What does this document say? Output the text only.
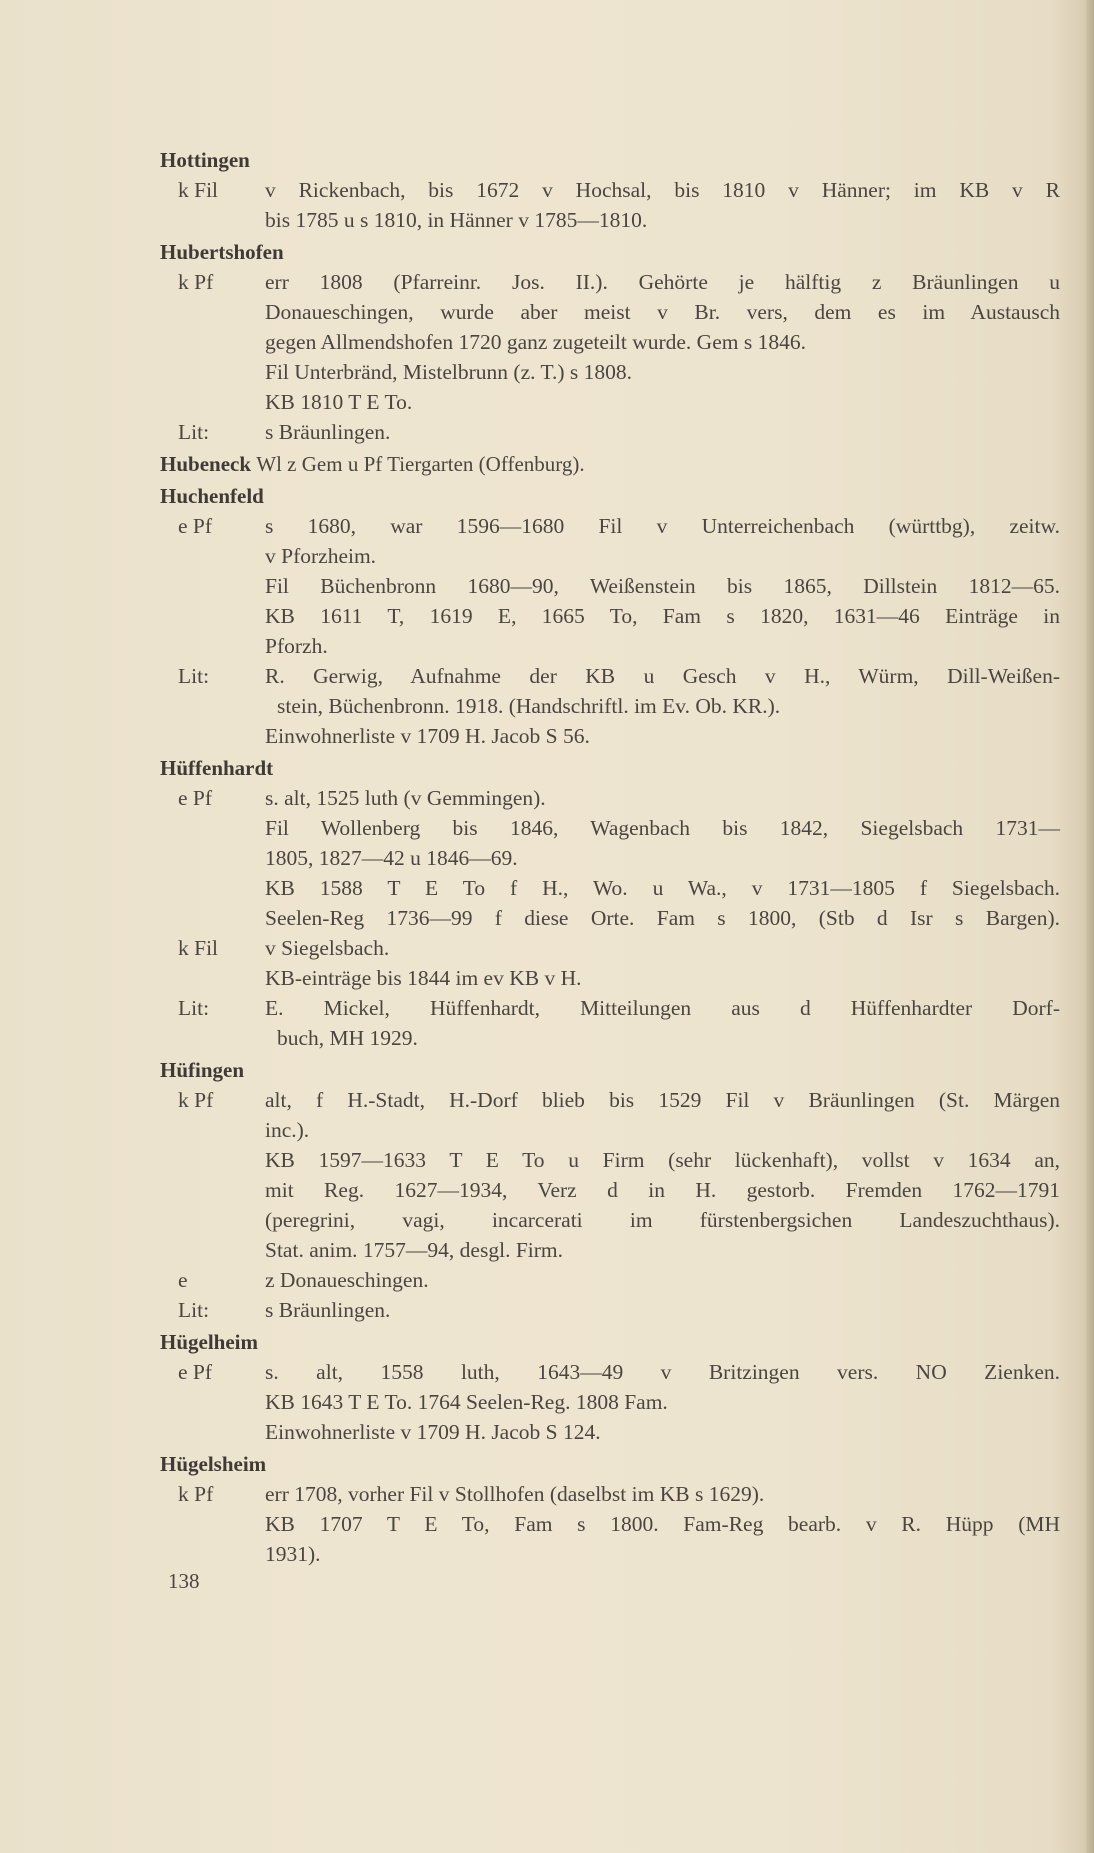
Hottingen
k Fil	v Rickenbach, bis 1672 v Hochsal, bis 1810 v Hänner; im KB v R
bis 1785 u s 1810, in Hänner v 1785—1810.
Hubertshofen
k Pf	err 1808 (Pfarreinr. Jos. II.). Gehörte je hälftig z Bräunlingen u
Donaueschingen, wurde aber meist v Br. vers, dem es im Austausch
gegen Allmendshofen 1720 ganz zugeteilt wurde. Gem s 1846.
Fil Unterbränd, Mistelbrunn (z. T.) s 1808.
KB 1810 T E To.
Lit:	s Bräunlingen.
Hubeneck Wl z Gem u Pf Tiergarten (Offenburg).
Huchenfeld
e Pf	s 1680, war 1596—1680 Fil v Unterreichenbach (württbg), zeitw.
v Pforzheim.
Fil Büchenbronn 1680—90, Weißenstein bis 1865, Dillstein 1812—65.
KB 1611 T, 1619 E, 1665 To, Fam s 1820, 1631—46 Einträge in
Pforzh.
Lit:	R. Gerwig, Aufnahme der KB u Gesch v H., Würm, Dill-Weißen-
stein, Büchenbronn. 1918. (Handschriftl. im Ev. Ob. KR.).
Einwohnerliste v 1709 H. Jacob S 56.
Hüffenhardt
e Pf	s. alt, 1525 luth (v Gemmingen).
Fil Wollenberg bis 1846, Wagenbach bis 1842, Siegelsbach 1731—
1805, 1827—42 u 1846—69.
KB 1588 T E To f H., Wo. u Wa., v 1731—1805 f Siegelsbach.
Seelen-Reg 1736—99 f diese Orte. Fam s 1800, (Stb d Isr s Bargen).
k Fil	v Siegelsbach.
KB-einträge bis 1844 im ev KB v H.
Lit:	E. Mickel, Hüffenhardt, Mitteilungen aus d Hüffenhardter Dorf-
buch, MH 1929.
Hüfingen
k Pf	alt, f H.-Stadt, H.-Dorf blieb bis 1529 Fil v Bräunlingen (St. Märgen
inc.).
KB 1597—1633 T E To u Firm (sehr lückenhaft), vollst v 1634 an,
mit Reg. 1627—1934, Verz d in H. gestorb. Fremden 1762—1791
(peregrini, vagi, incarcerati im fürstenbergsichen Landeszuchthaus).
Stat. anim. 1757—94, desgl. Firm.
e	z Donaueschingen.
Lit:	s Bräunlingen.
Hügelheim
e Pf	s. alt, 1558 luth, 1643—49 v Britzingen vers. NO Zienken.
KB 1643 T E To. 1764 Seelen-Reg. 1808 Fam.
Einwohnerliste v 1709 H. Jacob S 124.
Hügelsheim
k Pf	err 1708, vorher Fil v Stollhofen (daselbst im KB s 1629).
KB 1707 T E To, Fam s 1800. Fam-Reg bearb. v R. Hüpp (MH
1931).
138
